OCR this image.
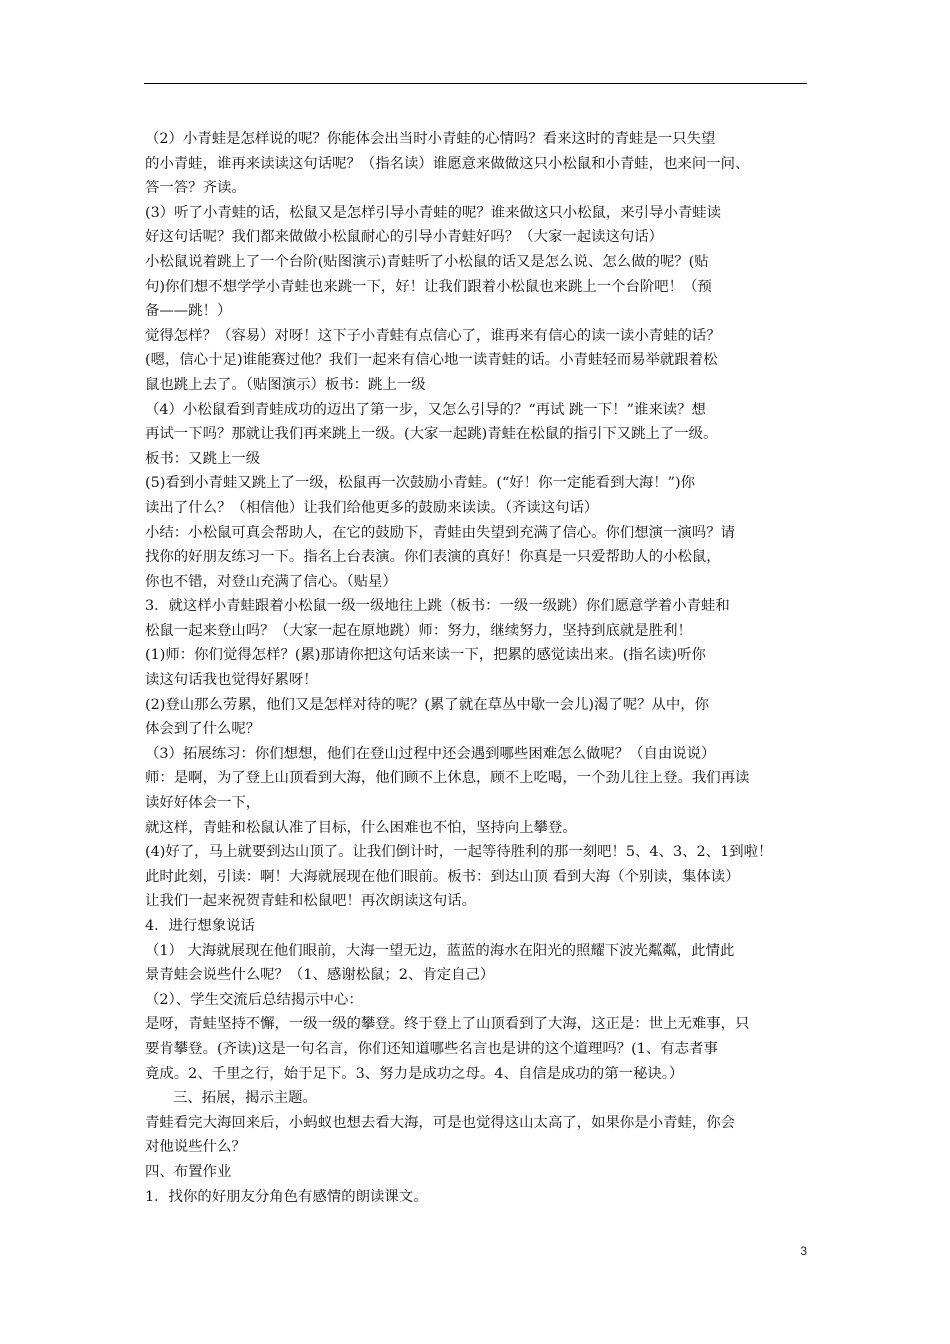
（2）小青蛙是怎样说的呢？你能体会出当时小青蛙的心情吗？看来这时的青蛙是一只失望
的小青蛙，谁再来读读这句话呢？（指名读）谁愿意来做做这只小松鼠和小青蛙，也来问一问、
答一答？齐读。
(3）听了小青蛙的话，松鼠又是怎样引导小青蛙的呢？谁来做这只小松鼠，来引导小青蛙读
好这句话呢？我们都来做做小松鼠耐心的引导小青蛙好吗？（大家一起读这句话）
小松鼠说着跳上了一个台阶(贴图演示)青蛙听了小松鼠的话又是怎么说、怎么做的呢？(贴
句)你们想不想学学小青蛙也来跳一下，好！让我们跟着小松鼠也来跳上一个台阶吧！（预
备——跳！）
觉得怎样？（容易）对呀！这下子小青蛙有点信心了，谁再来有信心的读一读小青蛙的话？
(嗯，信心十足)谁能赛过他？我们一起来有信心地一读青蛙的话。小青蛙轻而易举就跟着松
鼠也跳上去了。（贴图演示）板书：跳上一级
（4）小松鼠看到青蛙成功的迈出了第一步，又怎么引导的？“再试 跳一下！”谁来读？想
再试一下吗？那就让我们再来跳上一级。(大家一起跳)青蛙在松鼠的指引下又跳上了一级。
板书：又跳上一级
(5)看到小青蛙又跳上了一级，松鼠再一次鼓励小青蛙。(“好！你一定能看到大海！”)你
读出了什么？（相信他）让我们给他更多的鼓励来读读。（齐读这句话）
小结：小松鼠可真会帮助人，在它的鼓励下，青蛙由失望到充满了信心。你们想演一演吗？请
找你的好朋友练习一下。指名上台表演。你们表演的真好！你真是一只爱帮助人的小松鼠，
你也不错，对登山充满了信心。（贴星）
3．就这样小青蛙跟着小松鼠一级一级地往上跳（板书：一级一级跳）你们愿意学着小青蛙和
松鼠一起来登山吗？（大家一起在原地跳）师：努力，继续努力，坚持到底就是胜利！
(1)师：你们觉得怎样？(累)那请你把这句话来读一下，把累的感觉读出来。(指名读)听你
读这句话我也觉得好累呀！
(2)登山那么劳累，他们又是怎样对待的呢？(累了就在草丛中歇一会儿)渴了呢？从中，你
体会到了什么呢？
（3）拓展练习：你们想想，他们在登山过程中还会遇到哪些困难怎么做呢？（自由说说）
师：是啊，为了登上山顶看到大海，他们顾不上休息，顾不上吃喝，一个劲儿往上登。我们再读
读好好体会一下，
就这样，青蛙和松鼠认准了目标，什么困难也不怕，坚持向上攀登。
(4)好了，马上就要到达山顶了。让我们倒计时，一起等待胜利的那一刻吧！5、4、3、2、1到啦！
此时此刻，引读：啊！大海就展现在他们眼前。板书：到达山顶 看到大海（个别读，集体读）
让我们一起来祝贺青蛙和松鼠吧！再次朗读这句话。
4．进行想象说话
（1） 大海就展现在他们眼前，大海一望无边，蓝蓝的海水在阳光的照耀下波光粼粼，此情此
景青蛙会说些什么呢？（1、感谢松鼠；2、肯定自己）
（2）、学生交流后总结揭示中心：
是呀，青蛙坚持不懈，一级一级的攀登。终于登上了山顶看到了大海，这正是：世上无难事，只
要肯攀登。(齐读)这是一句名言，你们还知道哪些名言也是讲的这个道理吗？(1、有志者事
竟成。2、千里之行，始于足下。3、努力是成功之母。4、自信是成功的第一秘诀。）
三、拓展，揭示主题。
青蛙看完大海回来后，小蚂蚁也想去看大海，可是也觉得这山太高了，如果你是小青蛙，你会
对他说些什么？
四、布置作业
1．找你的好朋友分角色有感情的朗读课文。
3
